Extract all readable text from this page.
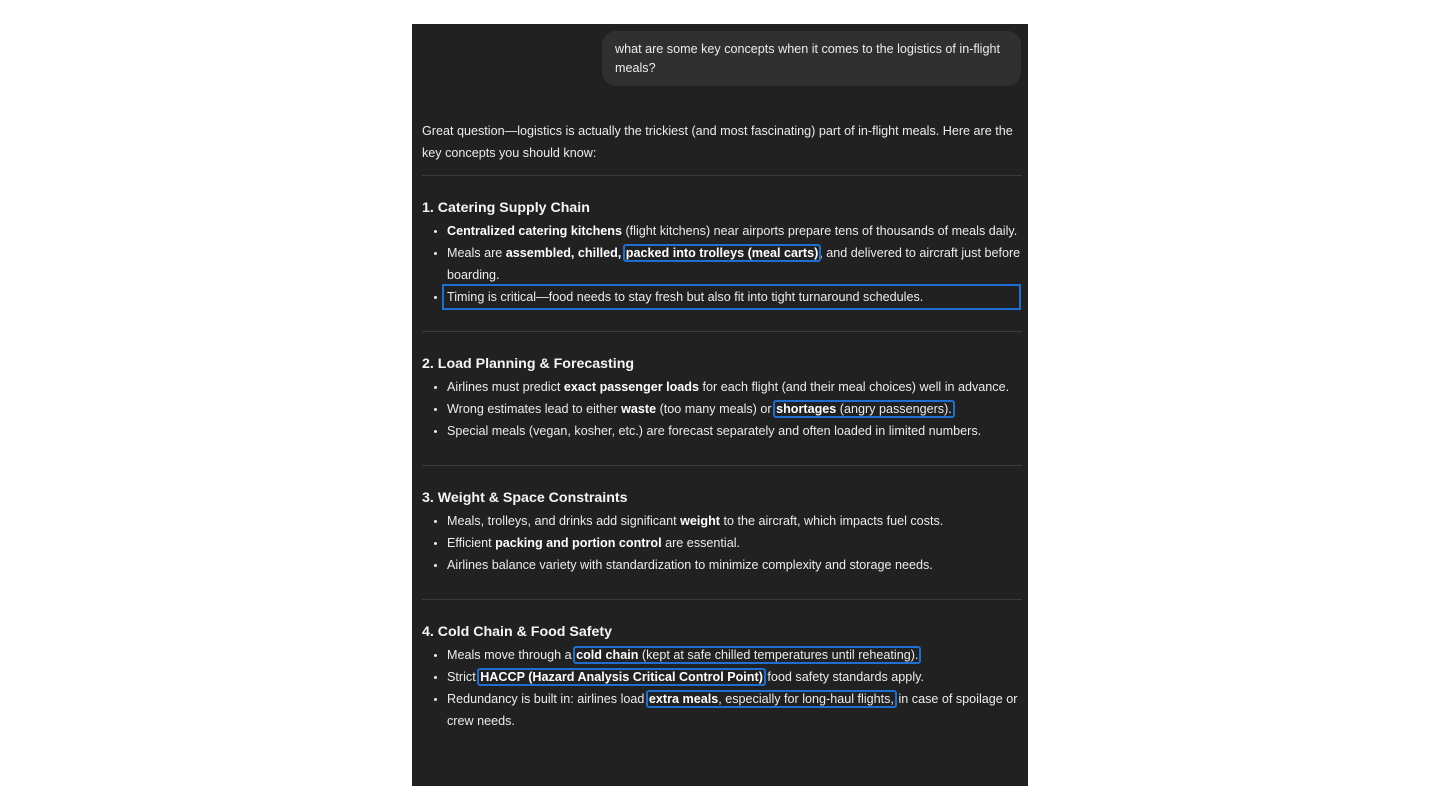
what are some key concepts when it comes to the logistics of in-flight meals?

Great question—logistics is actually the trickiest (and most fascinating) part of in-flight meals. Here are the key concepts you should know:

1. Catering Supply Chain
• Centralized catering kitchens (flight kitchens) near airports prepare tens of thousands of meals daily.
• Meals are assembled, chilled, packed into trolleys (meal carts), and delivered to aircraft just before boarding.
• Timing is critical—food needs to stay fresh but also fit into tight turnaround schedules.
2. Load Planning & Forecasting
• Airlines must predict exact passenger loads for each flight (and their meal choices) well in advance.
• Wrong estimates lead to either waste (too many meals) or shortages (angry passengers).
• Special meals (vegan, kosher, etc.) are forecast separately and often loaded in limited numbers.
3. Weight & Space Constraints
• Meals, trolleys, and drinks add significant weight to the aircraft, which impacts fuel costs.
• Efficient packing and portion control are essential.
• Airlines balance variety with standardization to minimize complexity and storage needs.
4. Cold Chain & Food Safety
• Meals move through a cold chain (kept at safe chilled temperatures until reheating).
• Strict HACCP (Hazard Analysis Critical Control Point) food safety standards apply.
• Redundancy is built in: airlines load extra meals, especially for long-haul flights, in case of spoilage or crew needs.
